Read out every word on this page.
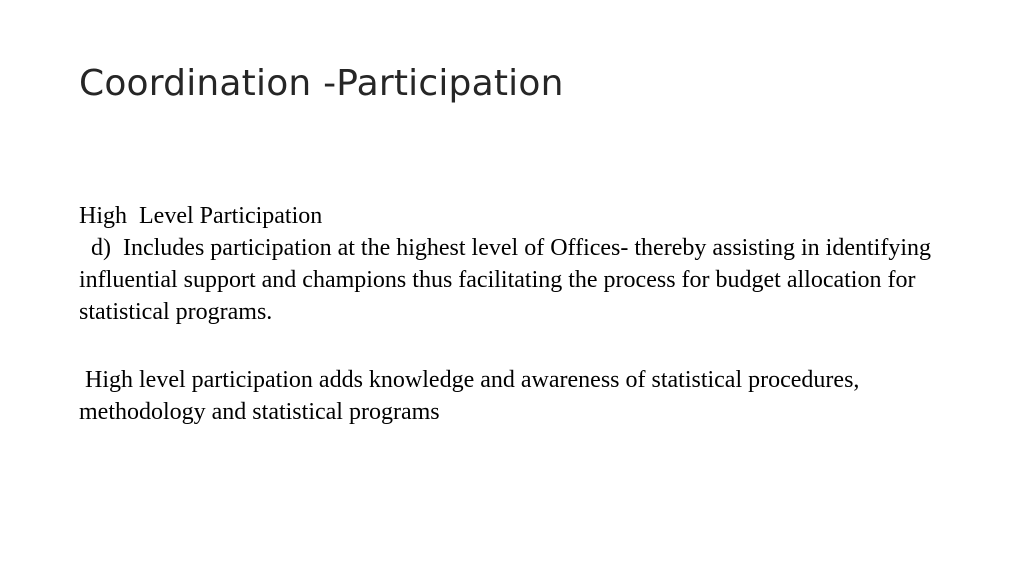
Coordination -Participation

High  Level Participation

d)  Includes participation at the highest level of Offices- thereby assisting in identifying influential support and champions thus facilitating the process for budget allocation for statistical programs.

High level participation adds knowledge and awareness of statistical procedures, methodology and statistical programs
